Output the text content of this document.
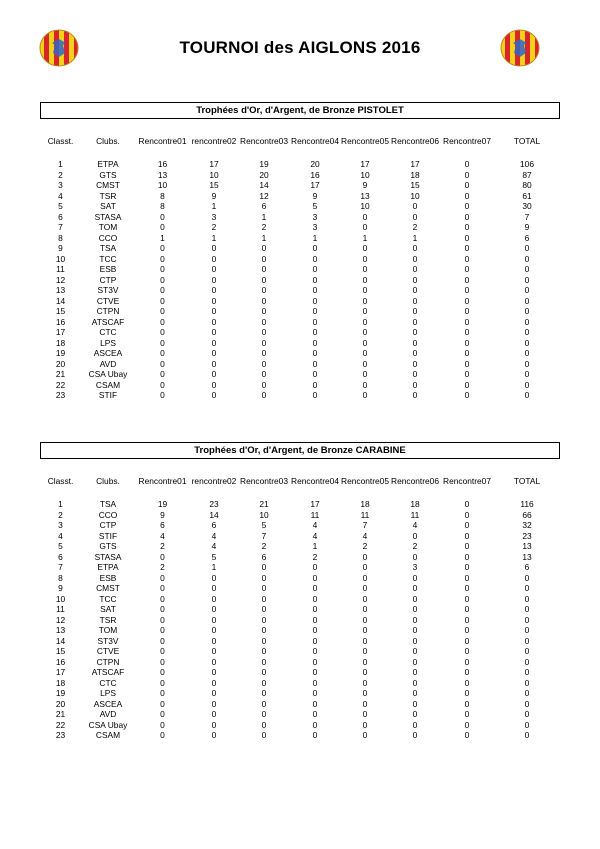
TOURNOI des AIGLONS 2016
Trophées d'Or, d'Argent, de Bronze PISTOLET
Classt.	Clubs.	Rencontre01	rencontre02	Rencontre03	Rencontre04	Rencontre05	Rencontre06	Rencontre07	TOTAL

1	ETPA	16	17	19	20	17	17	0	106
2	GTS	13	10	20	16	10	18	0	87
3	CMST	10	15	14	17	9	15	0	80
4	TSR	8	9	12	9	13	10	0	61
5	SAT	8	1	6	5	10	0	0	30
6	STASA	0	3	1	3	0	0	0	7
7	TOM	0	2	2	3	0	2	0	9
8	CCO	1	1	1	1	1	1	0	6
9	TSA	0	0	0	0	0	0	0	0
10	TCC	0	0	0	0	0	0	0	0
11	ESB	0	0	0	0	0	0	0	0
12	CTP	0	0	0	0	0	0	0	0
13	ST3V	0	0	0	0	0	0	0	0
14	CTVE	0	0	0	0	0	0	0	0
15	CTPN	0	0	0	0	0	0	0	0
16	ATSCAF	0	0	0	0	0	0	0	0
17	CTC	0	0	0	0	0	0	0	0
18	LPS	0	0	0	0	0	0	0	0
19	ASCEA	0	0	0	0	0	0	0	0
20	AVD	0	0	0	0	0	0	0	0
21	CSA Ubay	0	0	0	0	0	0	0	0
22	CSAM	0	0	0	0	0	0	0	0
23	STIF	0	0	0	0	0	0	0	0
Trophées d'Or, d'Argent, de Bronze CARABINE
Classt.	Clubs.	Rencontre01	rencontre02	Rencontre03	Rencontre04	Rencontre05	Rencontre06	Rencontre07	TOTAL

1	TSA	19	23	21	17	18	18	0	116
2	CCO	9	14	10	11	11	11	0	66
3	CTP	6	6	5	4	7	4	0	32
4	STIF	4	4	7	4	4	0	0	23
5	GTS	2	4	2	1	2	2	0	13
6	STASA	0	5	6	2	0	0	0	13
7	ETPA	2	1	0	0	0	3	0	6
8	ESB	0	0	0	0	0	0	0	0
9	CMST	0	0	0	0	0	0	0	0
10	TCC	0	0	0	0	0	0	0	0
11	SAT	0	0	0	0	0	0	0	0
12	TSR	0	0	0	0	0	0	0	0
13	TOM	0	0	0	0	0	0	0	0
14	ST3V	0	0	0	0	0	0	0	0
15	CTVE	0	0	0	0	0	0	0	0
16	CTPN	0	0	0	0	0	0	0	0
17	ATSCAF	0	0	0	0	0	0	0	0
18	CTC	0	0	0	0	0	0	0	0
19	LPS	0	0	0	0	0	0	0	0
20	ASCEA	0	0	0	0	0	0	0	0
21	AVD	0	0	0	0	0	0	0	0
22	CSA Ubay	0	0	0	0	0	0	0	0
23	CSAM	0	0	0	0	0	0	0	0
